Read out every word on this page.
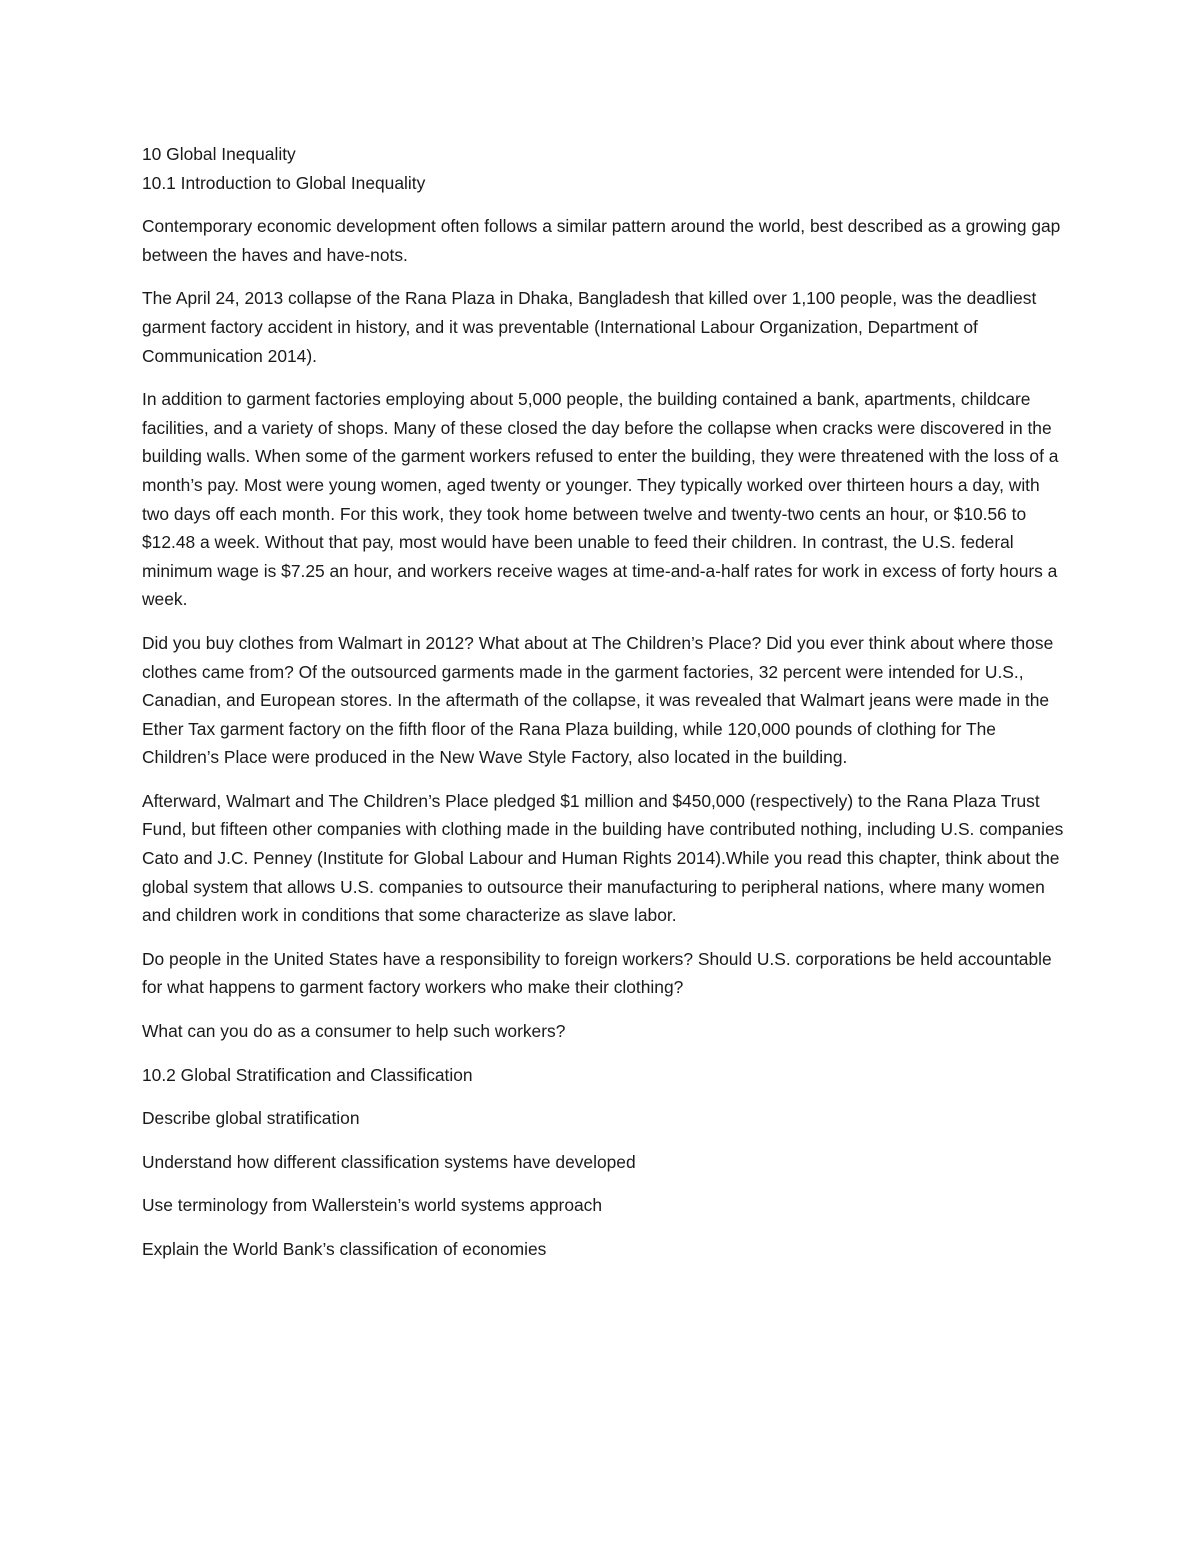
10 Global Inequality

10.1 Introduction to Global Inequality

Contemporary economic development often follows a similar pattern around the world, best described as a growing gap between the haves and have-nots.

The April 24, 2013 collapse of the Rana Plaza in Dhaka, Bangladesh that killed over 1,100 people, was the deadliest garment factory accident in history, and it was preventable (International Labour Organization, Department of Communication 2014).

In addition to garment factories employing about 5,000 people, the building contained a bank, apartments, childcare facilities, and a variety of shops. Many of these closed the day before the collapse when cracks were discovered in the building walls. When some of the garment workers refused to enter the building, they were threatened with the loss of a month’s pay. Most were young women, aged twenty or younger. They typically worked over thirteen hours a day, with two days off each month. For this work, they took home between twelve and twenty-two cents an hour, or $10.56 to $12.48 a week. Without that pay, most would have been unable to feed their children. In contrast, the U.S. federal minimum wage is $7.25 an hour, and workers receive wages at time-and-a-half rates for work in excess of forty hours a week.

Did you buy clothes from Walmart in 2012? What about at The Children’s Place? Did you ever think about where those clothes came from? Of the outsourced garments made in the garment factories, 32 percent were intended for U.S., Canadian, and European stores. In the aftermath of the collapse, it was revealed that Walmart jeans were made in the Ether Tax garment factory on the fifth floor of the Rana Plaza building, while 120,000 pounds of clothing for The Children’s Place were produced in the New Wave Style Factory, also located in the building.

Afterward, Walmart and The Children’s Place pledged $1 million and $450,000 (respectively) to the Rana Plaza Trust Fund, but fifteen other companies with clothing made in the building have contributed nothing, including U.S. companies Cato and J.C. Penney (Institute for Global Labour and Human Rights 2014).While you read this chapter, think about the global system that allows U.S. companies to outsource their manufacturing to peripheral nations, where many women and children work in conditions that some characterize as slave labor.

Do people in the United States have a responsibility to foreign workers? Should U.S. corporations be held accountable for what happens to garment factory workers who make their clothing?

What can you do as a consumer to help such workers?

10.2 Global Stratification and Classification

Describe global stratification

Understand how different classification systems have developed

Use terminology from Wallerstein’s world systems approach

Explain the World Bank’s classification of economies
